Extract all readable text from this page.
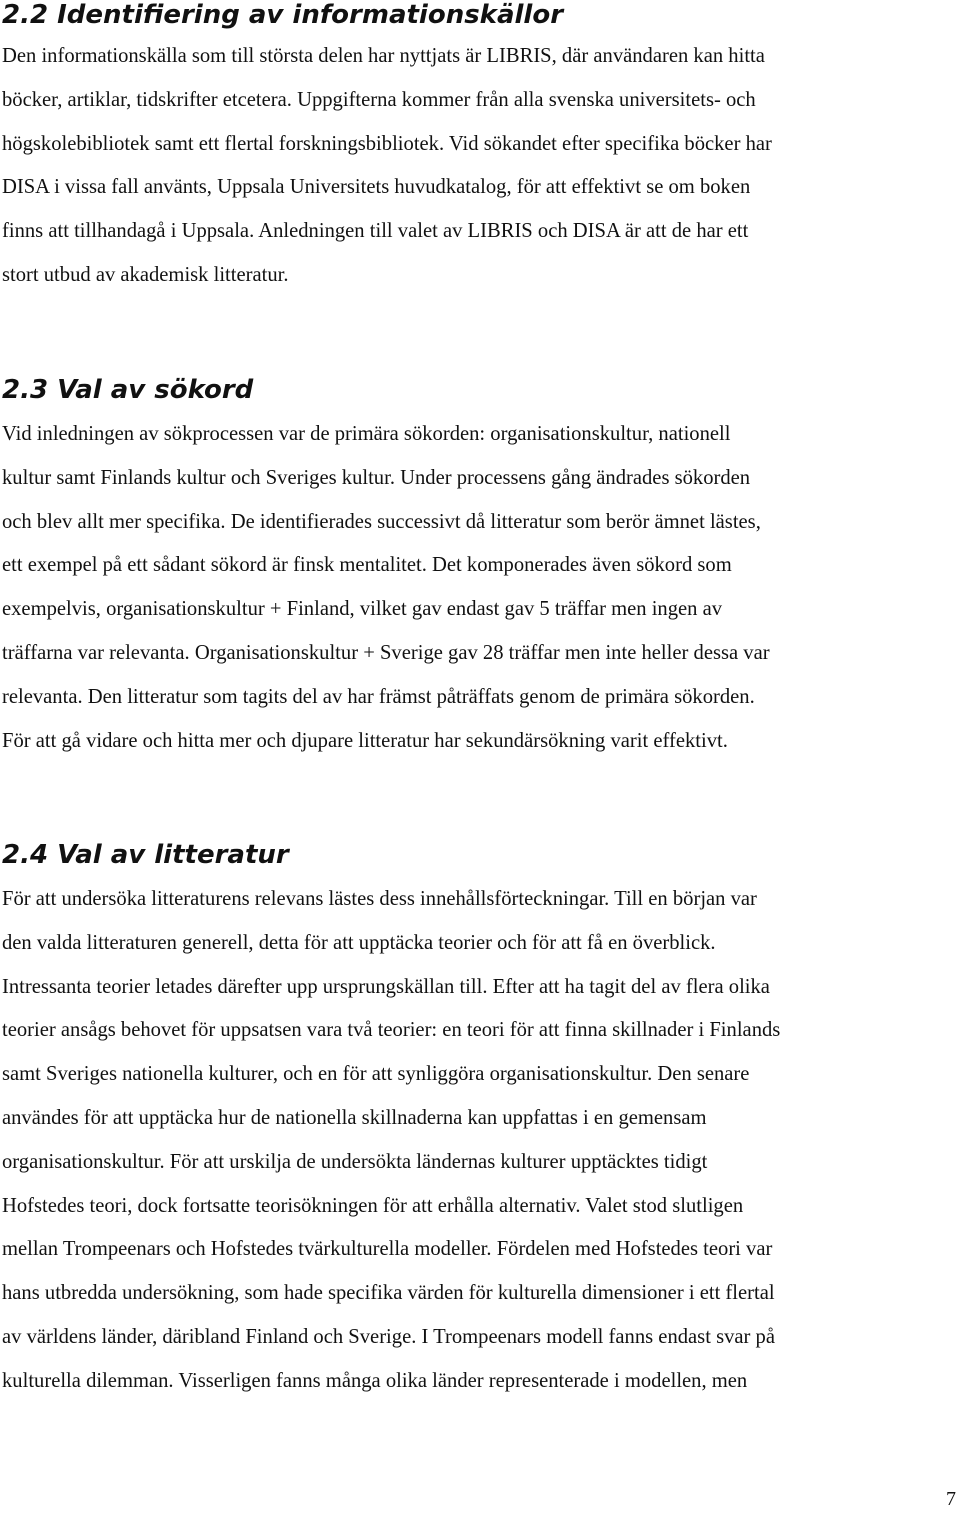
2.2 Identifiering av informationskällor
Den informationskälla som till största delen har nyttjats är LIBRIS, där användaren kan hitta
böcker, artiklar, tidskrifter etcetera. Uppgifterna kommer från alla svenska universitets- och
högskolebibliotek samt ett flertal forskningsbibliotek. Vid sökandet efter specifika böcker har
DISA i vissa fall använts, Uppsala Universitets huvudkatalog, för att effektivt se om boken
finns att tillhandagå i Uppsala. Anledningen till valet av LIBRIS och DISA är att de har ett
stort utbud av akademisk litteratur.
2.3 Val av sökord
Vid inledningen av sökprocessen var de primära sökorden: organisationskultur, nationell
kultur samt Finlands kultur och Sveriges kultur. Under processens gång ändrades sökorden
och blev allt mer specifika. De identifierades successivt då litteratur som berör ämnet lästes,
ett exempel på ett sådant sökord är finsk mentalitet. Det komponerades även sökord som
exempelvis, organisationskultur + Finland, vilket gav endast gav 5 träffar men ingen av
träffarna var relevanta. Organisationskultur + Sverige gav 28 träffar men inte heller dessa var
relevanta. Den litteratur som tagits del av har främst påträffats genom de primära sökorden.
För att gå vidare och hitta mer och djupare litteratur har sekundärsökning varit effektivt.
2.4 Val av litteratur
För att undersöka litteraturens relevans lästes dess innehållsförteckningar. Till en början var
den valda litteraturen generell, detta för att upptäcka teorier och för att få en överblick.
Intressanta teorier letades därefter upp ursprungskällan till. Efter att ha tagit del av flera olika
teorier ansågs behovet för uppsatsen vara två teorier: en teori för att finna skillnader i Finlands
samt Sveriges nationella kulturer, och en för att synliggöra organisationskultur. Den senare
användes för att upptäcka hur de nationella skillnaderna kan uppfattas i en gemensam
organisationskultur. För att urskilja de undersökta ländernas kulturer upptäcktes tidigt
Hofstedes teori, dock fortsatte teorisökningen för att erhålla alternativ. Valet stod slutligen
mellan Trompeenars och Hofstedes tvärkulturella modeller. Fördelen med Hofstedes teori var
hans utbredda undersökning, som hade specifika värden för kulturella dimensioner i ett flertal
av världens länder, däribland Finland och Sverige. I Trompeenars modell fanns endast svar på
kulturella dilemman. Visserligen fanns många olika länder representerade i modellen, men
7
